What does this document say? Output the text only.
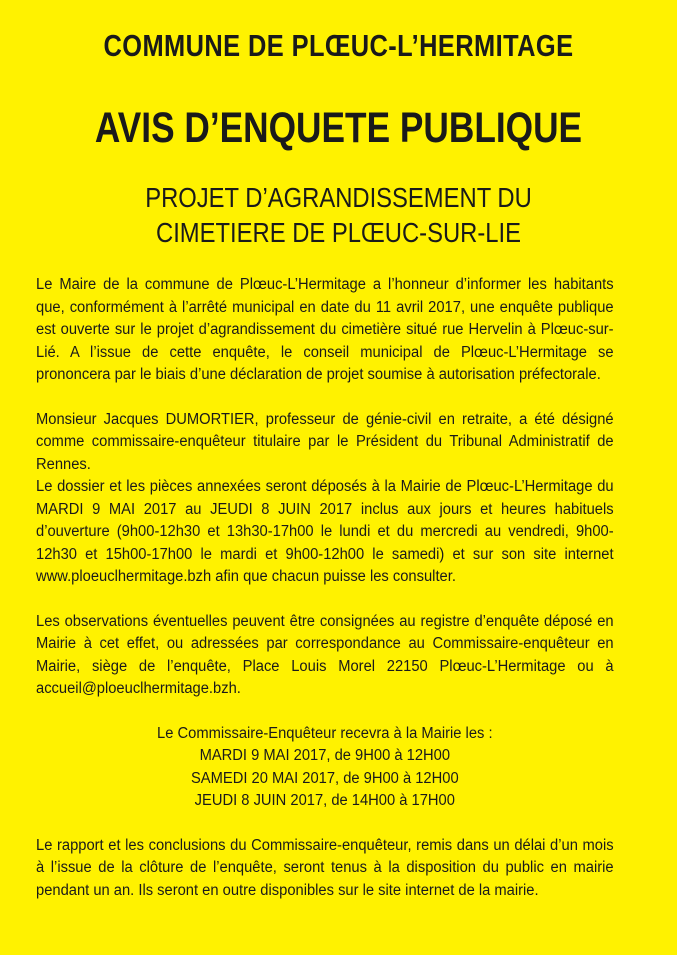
COMMUNE DE PLŒUC-L’HERMITAGE
AVIS D’ENQUETE PUBLIQUE
PROJET D’AGRANDISSEMENT DU
CIMETIERE DE PLŒUC-SUR-LIE

Le Maire de la commune de Plœuc-L’Hermitage a l’honneur d’informer les habitants que, conformément à l’arrêté municipal en date du 11 avril 2017, une enquête publique est ouverte sur le projet d’agrandissement du cimetière situé rue Hervelin à Plœuc-sur-Lié. A l’issue de cette enquête, le conseil municipal de Plœuc-L’Hermitage se prononcera par le biais d’une déclaration de projet soumise à autorisation préfectorale.

Monsieur Jacques DUMORTIER, professeur de génie-civil en retraite, a été désigné comme commissaire-enquêteur titulaire par le Président du Tribunal Administratif de Rennes.

Le dossier et les pièces annexées seront déposés à la Mairie de Plœuc-L’Hermitage du MARDI 9 MAI 2017 au JEUDI 8 JUIN 2017 inclus aux jours et heures habituels d’ouverture (9h00-12h30 et 13h30-17h00 le lundi et du mercredi au vendredi, 9h00-12h30 et 15h00-17h00 le mardi et 9h00-12h00 le samedi) et sur son site internet www.ploeuclhermitage.bzh afin que chacun puisse les consulter.

Les observations éventuelles peuvent être consignées au registre d’enquête déposé en Mairie à cet effet, ou adressées par correspondance au Commissaire-enquêteur en Mairie, siège de l’enquête, Place Louis Morel 22150 Plœuc-L’Hermitage ou à accueil@ploeuclhermitage.bzh.

Le Commissaire-Enquêteur recevra à la Mairie les :

MARDI 9 MAI 2017, de 9H00 à 12H00

SAMEDI 20 MAI 2017, de 9H00 à 12H00

JEUDI 8 JUIN 2017, de 14H00 à 17H00

Le rapport et les conclusions du Commissaire-enquêteur, remis dans un délai d’un mois à l’issue de la clôture de l’enquête, seront tenus à la disposition du public en mairie pendant un an. Ils seront en outre disponibles sur le site internet de la mairie.
